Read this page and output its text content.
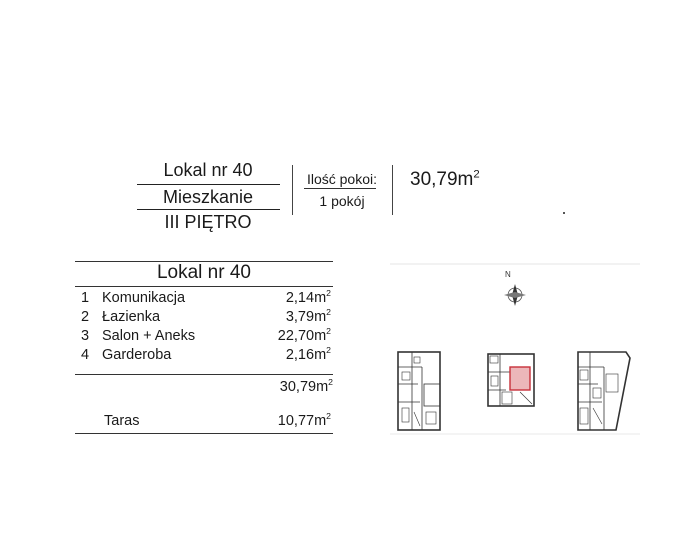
Lokal nr 40
Mieszkanie
III PIĘTRO
Ilość pokoi:
1 pokój
$30,79m^2$
Lokal nr 40
1 Komunikacja	$2,14m^2$
2 Łazienka	$3,79m^2$
3 Salon + Aneks	$22,70m^2$
4 Garderoba	$2,16m^2$
$30,79m^2$
Taras	$10,77m^2$
N
